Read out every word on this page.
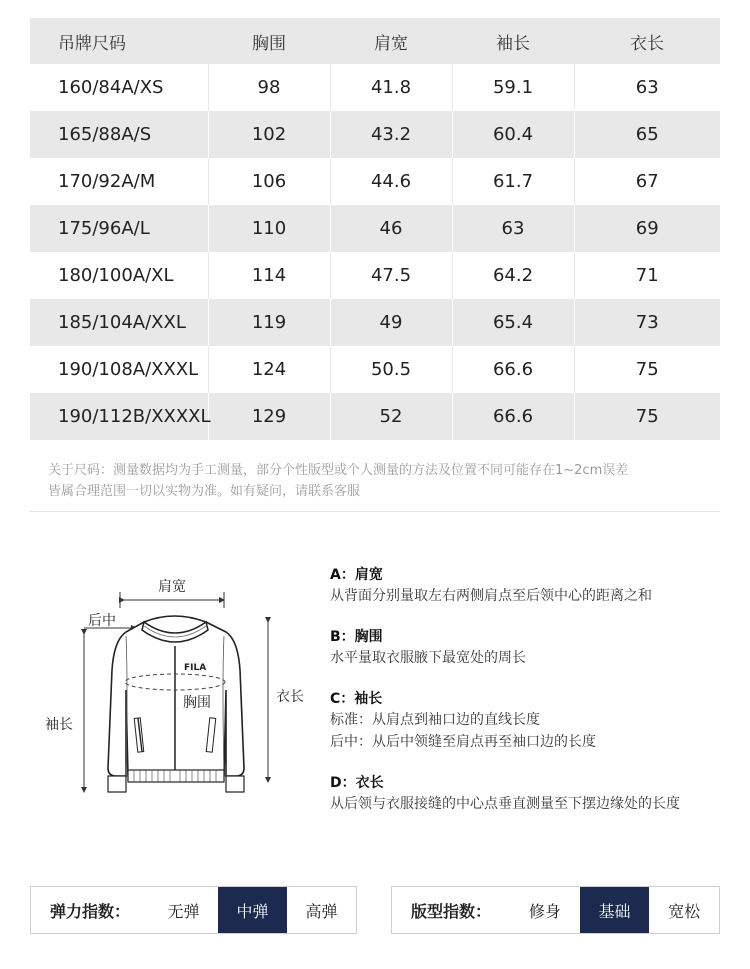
吊牌尺码	胸围	肩宽	袖长	衣长
160/84A/XS	98	41.8	59.1	63
165/88A/S	102	43.2	60.4	65
170/92A/M	106	44.6	61.7	67
175/96A/L	110	46	63	69
180/100A/XL	114	47.5	64.2	71
185/104A/XXL	119	49	65.4	73
190/108A/XXXL	124	50.5	66.6	75
190/112B/XXXXL	129	52	66.6	75
关于尺码：测量数据均为手工测量，部分个性版型或个人测量的方法及位置不同可能存在1~2cm误差
皆属合理范围一切以实物为准。如有疑问，请联系客服
FILA
肩宽
后中
胸围	衣长
袖长
A：肩宽
从背面分别量取左右两侧肩点至后领中心的距离之和
B：胸围
水平量取衣服腋下最宽处的周长
C：袖长
标准：从肩点到袖口边的直线长度
后中：从后中领缝至肩点再至袖口边的长度
D：衣长
从后领与衣服接缝的中心点垂直测量至下摆边缘处的长度
弹力指数：	无弹	中弹	高弹	版型指数：	修身	基础	宽松
